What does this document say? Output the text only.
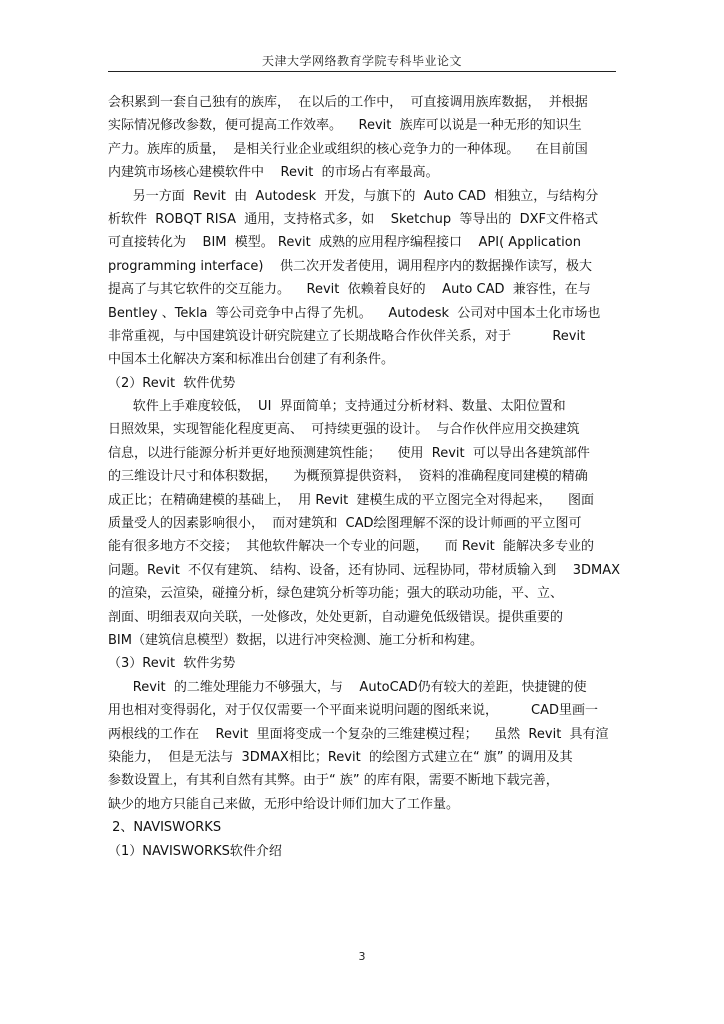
天津大学网络教育学院专科毕业论文
会积累到一套自己独有的族库，  在以后的工作中，  可直接调用族库数据，  并根据
实际情况修改参数，便可提高工作效率。    Revit  族库可以说是一种无形的知识生
产力。族库的质量，  是相关行业企业或组织的核心竞争力的一种体现。    在目前国
内建筑市场核心建模软件中    Revit  的市场占有率最高。
另一方面  Revit  由  Autodesk  开发，与旗下的  Auto CAD  相独立，与结构分
析软件  ROBQT RISA  通用，支持格式多，如    Sketchup  等导出的  DXF文件格式
可直接转化为    BIM  模型。 Revit  成熟的应用程序编程接口    API( Application
programming interface)    供二次开发者使用，调用程序内的数据操作读写，极大
提高了与其它软件的交互能力。    Revit  依赖着良好的    Auto CAD  兼容性，在与
Bentley 、Tekla  等公司竞争中占得了先机。    Autodesk  公司对中国本土化市场也
非常重视，与中国建筑设计研究院建立了长期战略合作伙伴关系，对于          Revit
中国本土化解决方案和标准出台创建了有利条件。
（2）Revit  软件优势
软件上手难度较低，  UI  界面简单；支持通过分析材料、数量、太阳位置和
日照效果，实现智能化程度更高、  可持续更强的设计。  与合作伙伴应用交换建筑
信息，以进行能源分析并更好地预测建筑性能；    使用  Revit  可以导出各建筑部件
的三维设计尺寸和体积数据，    为概预算提供资料，  资料的准确程度同建模的精确
成正比；在精确建模的基础上，  用 Revit  建模生成的平立图完全对得起来，    图面
质量受人的因素影响很小，  而对建筑和  CAD绘图理解不深的设计师画的平立图可
能有很多地方不交接；  其他软件解决一个专业的问题，    而 Revit  能解决多专业的
问题。Revit  不仅有建筑、 结构、设备，还有协同、远程协同，带材质输入到    3DMAX
的渲染，云渲染，碰撞分析，绿色建筑分析等功能；强大的联动功能，平、立、
剖面、明细表双向关联，一处修改，处处更新，自动避免低级错误。提供重要的
BIM（建筑信息模型）数据，以进行冲突检测、施工分析和构建。
（3）Revit  软件劣势
Revit  的二维处理能力不够强大，与    AutoCAD仍有较大的差距，快捷键的使
用也相对变得弱化，对于仅仅需要一个平面来说明问题的图纸来说，        CAD里画一
两根线的工作在    Revit  里面将变成一个复杂的三维建模过程；    虽然  Revit  具有渲
染能力，  但是无法与  3DMAX相比；Revit  的绘图方式建立在“ 旗” 的调用及其
参数设置上，有其利自然有其弊。由于“ 族” 的库有限，需要不断地下载完善，
缺少的地方只能自己来做，无形中给设计师们加大了工作量。
2、NAVISWORKS
（1）NAVISWORKS软件介绍
3
